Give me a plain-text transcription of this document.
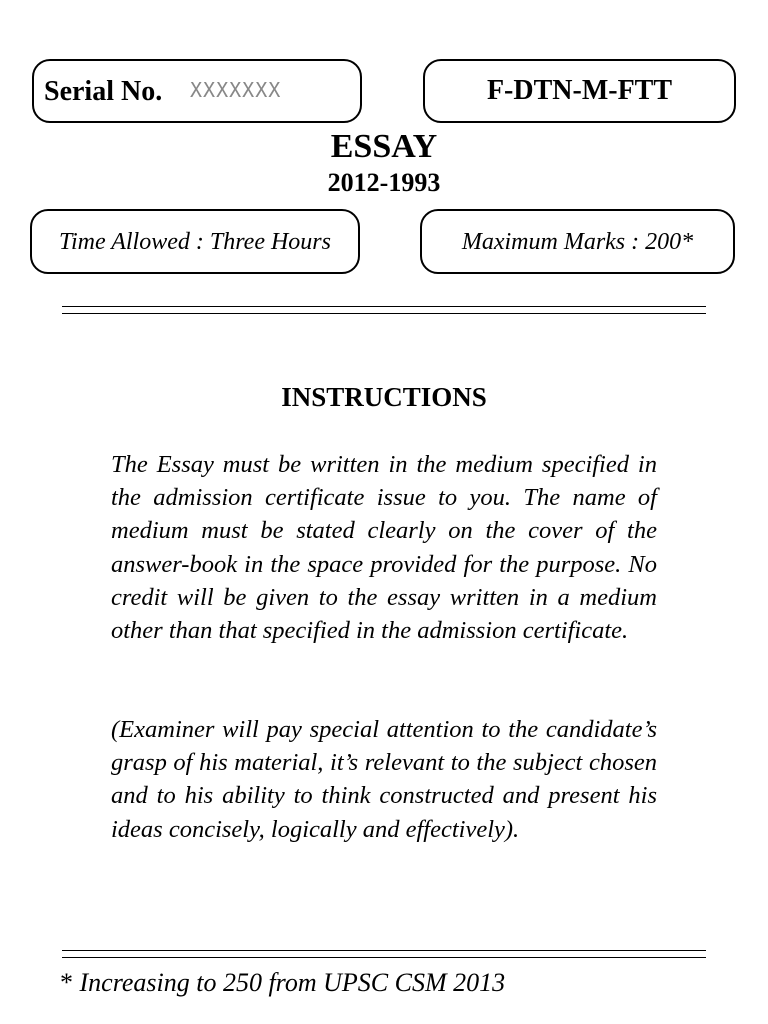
Serial No. XXXXXXX	F-DTN-M-FTT
ESSAY
2012-1993
Time Allowed : Three Hours	Maximum Marks : 200*
INSTRUCTIONS

The Essay must be written in the medium specified in the admission certificate issue to you. The name of medium must be stated clearly on the cover of the answer-book in the space provided for the purpose. No credit will be given to the essay written in a medium other than that specified in the admission certificate.

(Examiner will pay special attention to the candidate’s grasp of his material, it’s relevant to the subject chosen and to his ability to think constructed and present his ideas concisely, logically and effectively).

* Increasing to 250 from UPSC CSM 2013
